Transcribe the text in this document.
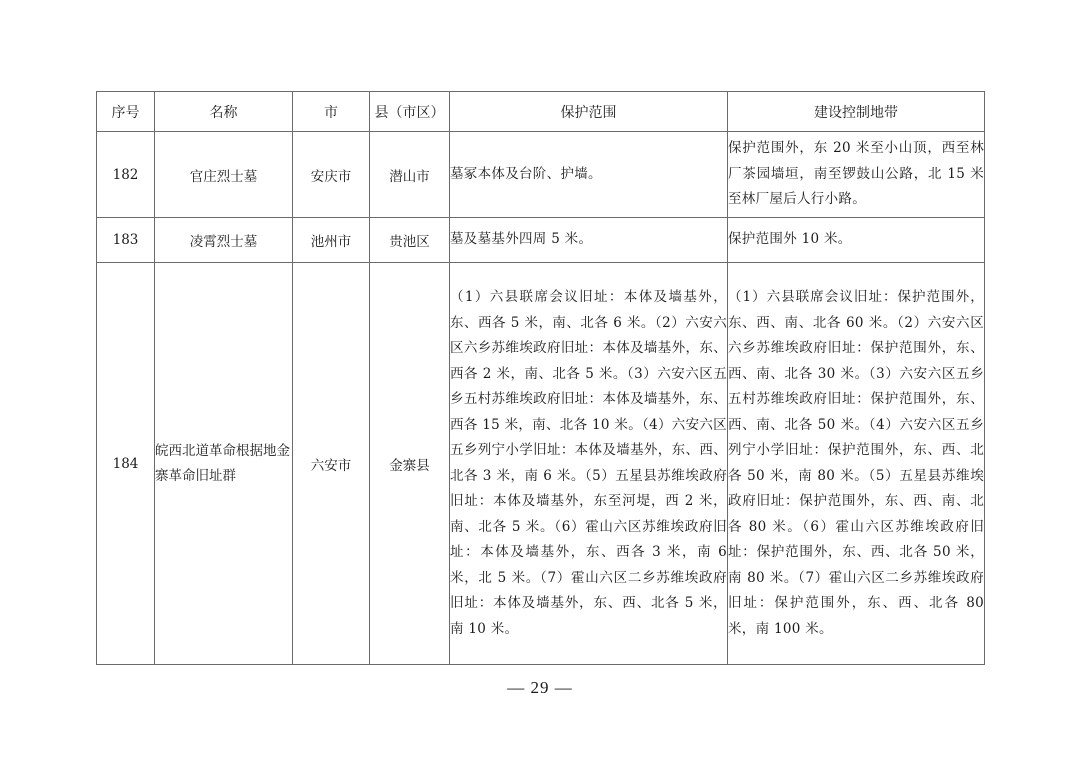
序号	名称	市	县（市区）	保护范围	建设控制地带
182	官庄烈士墓	安庆市	潜山市	墓冢本体及台阶、护墙。	保护范围外，东 20 米至小山顶，西至林厂茶园墙垣，南至锣鼓山公路，北 15 米至林厂屋后人行小路。
183	凌霄烈士墓	池州市	贵池区	墓及墓基外四周 5 米。	保护范围外 10 米。
184	皖西北道革命根据地金寨革命旧址群	六安市	金寨县	（1）六县联席会议旧址：本体及墙基外，东、西各 5 米，南、北各 6 米。（2）六安六区六乡苏维埃政府旧址：本体及墙基外，东、西各 2 米，南、北各 5 米。（3）六安六区五乡五村苏维埃政府旧址：本体及墙基外，东、西各 15 米，南、北各 10 米。（4）六安六区五乡列宁小学旧址：本体及墙基外，东、西、北各 3 米，南 6 米。（5）五星县苏维埃政府旧址：本体及墙基外，东至河堤，西 2 米，南、北各 5 米。（6）霍山六区苏维埃政府旧址：本体及墙基外，东、西各 3 米，南 6 米，北 5 米。（7）霍山六区二乡苏维埃政府旧址：本体及墙基外，东、西、北各 5 米，南 10 米。	（1）六县联席会议旧址：保护范围外，东、西、南、北各 60 米。（2）六安六区六乡苏维埃政府旧址：保护范围外，东、西、南、北各 30 米。（3）六安六区五乡五村苏维埃政府旧址：保护范围外，东、西、南、北各 50 米。（4）六安六区五乡列宁小学旧址：保护范围外，东、西、北各 50 米，南 80 米。（5）五星县苏维埃政府旧址：保护范围外，东、西、南、北各 80 米。（6）霍山六区苏维埃政府旧址：保护范围外，东、西、北各 50 米，南 80 米。（7）霍山六区二乡苏维埃政府旧址：保护范围外，东、西、北各 80 米，南 100 米。
— 29 —
